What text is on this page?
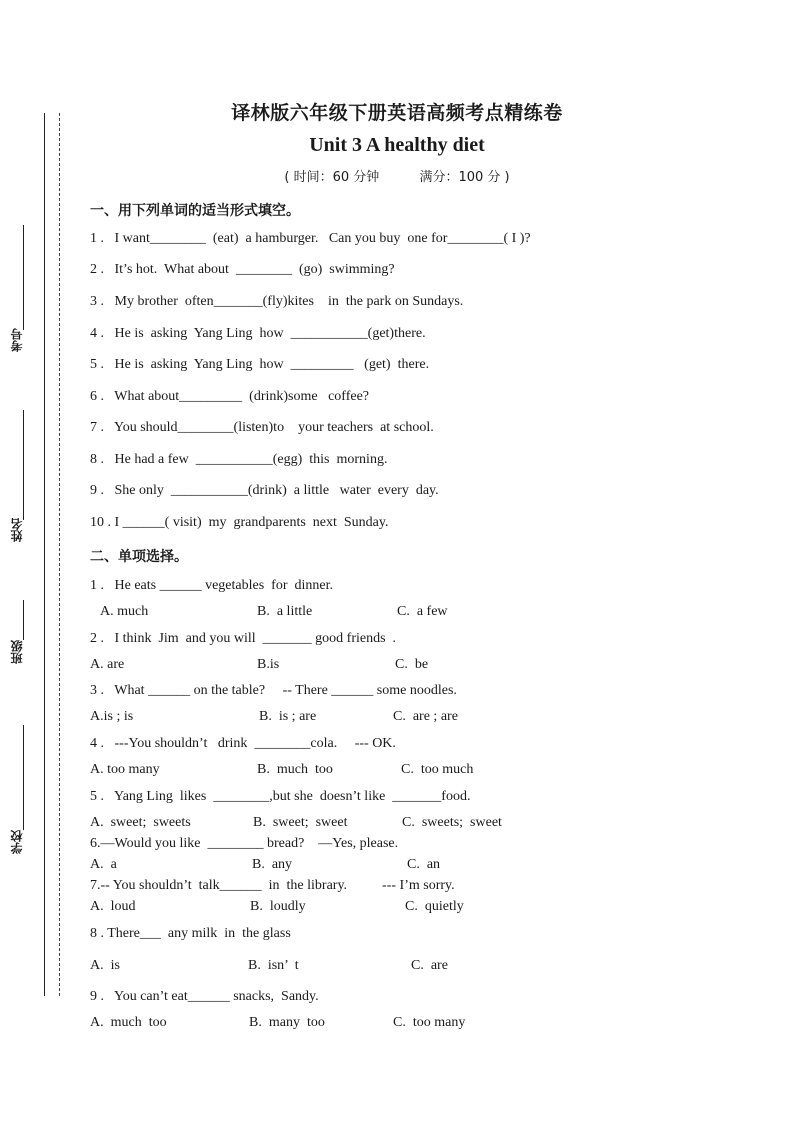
考号
姓名
班级
学校
译林版六年级下册英语高频考点精练卷
Unit 3 A healthy diet
( 时间：60 分钟	满分：100 分 )
一、用下列单词的适当形式填空。
1 .   I want________  (eat)  a hamburger.   Can you buy  one for________( I )?
2 .   It’s hot.  What about  ________  (go)  swimming?
3 .   My brother  often_______(fly)kites    in  the park on Sundays.
4 .   He is  asking  Yang Ling  how  ___________(get)there.
5 .   He is  asking  Yang Ling  how  _________   (get)  there.
6 .   What about_________  (drink)some   coffee?
7 .   You should________(listen)to    your teachers  at school.
8 .   He had a few  ___________(egg)  this  morning.
9 .   She only  ___________(drink)  a little   water  every  day.
10 . I ______( visit)  my  grandparents  next  Sunday.
二、单项选择。
1 .   He eats ______ vegetables  for  dinner.
A. much	B.  a little	C.  a few
2 .   I think  Jim  and you will  _______ good friends  .
A. are	B.is	C.  be
3 .   What ______ on the table?     -- There ______ some noodles.
A.is ; is	B.  is ; are	C.  are ; are
4 .   ---You shouldn’t   drink  ________cola.     --- OK.
A. too many	B.  much  too	C.  too much
5 .   Yang Ling  likes  ________,but she  doesn’t like  _______food.
A.  sweet;  sweets	B.  sweet;  sweet	C.  sweets;  sweet
6.—Would you like  ________ bread?    —Yes, please.
A.  a	B.  any	C.  an
7.-- You shouldn’t  talk______  in  the library.          --- I’m sorry.
A.  loud	B.  loudly	C.  quietly
8 . There___  any milk  in  the glass
A.  is	B.  isn’  t	C.  are
9 .   You can’t eat______ snacks,  Sandy.
A.  much  too	B.  many  too	C.  too many
